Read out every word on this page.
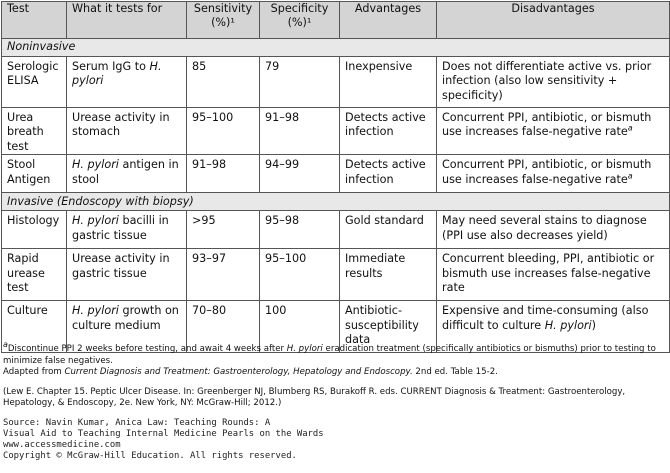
Test	What it tests for	Sensitivity (%)¹	Specificity (%)¹	Advantages	Disadvantages
Noninvasive					
Serologic ELISA	Serum IgG to H. pylori	85	79	Inexpensive	Does not differentiate active vs. prior infection (also low sensitivity + specificity)
Urea breath test	Urease activity in stomach	95–100	91–98	Detects active infection	Concurrent PPI, antibiotic, or bismuth use increases false-negative rate$^a$
Stool Antigen	H. pylori antigen in stool	91–98	94–99	Detects active infection	Concurrent PPI, antibiotic, or bismuth use increases false-negative rate$^a$
Invasive (Endoscopy with biopsy)					
Histology	H. pylori bacilli in gastric tissue	>95	95–98	Gold standard	May need several stains to diagnose (PPI use also decreases yield)
Rapid urease test	Urease activity in gastric tissue	93–97	95–100	Immediate results	Concurrent bleeding, PPI, antibiotic or bismuth use increases false-negative rate
Culture	H. pylori growth on culture medium	70–80	100	Antibiotic-susceptibility data	Expensive and time-consuming (also difficult to culture H. pylori)

$^a$Discontinue PPI 2 weeks before testing, and await 4 weeks after H. pylori eradication treatment (specifically antibiotics or bismuths) prior to testing to minimize false negatives.

Adapted from Current Diagnosis and Treatment: Gastroenterology, Hepatology and Endoscopy. 2nd ed. Table 15-2.

(Lew E. Chapter 15. Peptic Ulcer Disease. In: Greenberger NJ, Blumberg RS, Burakoff R. eds. CURRENT Diagnosis & Treatment: Gastroenterology, Hepatology, & Endoscopy, 2e. New York, NY: McGraw-Hill; 2012.)

Source: Navin Kumar, Anica Law: Teaching Rounds: A

Visual Aid to Teaching Internal Medicine Pearls on the Wards

www.accessmedicine.com

Copyright © McGraw-Hill Education. All rights reserved.
